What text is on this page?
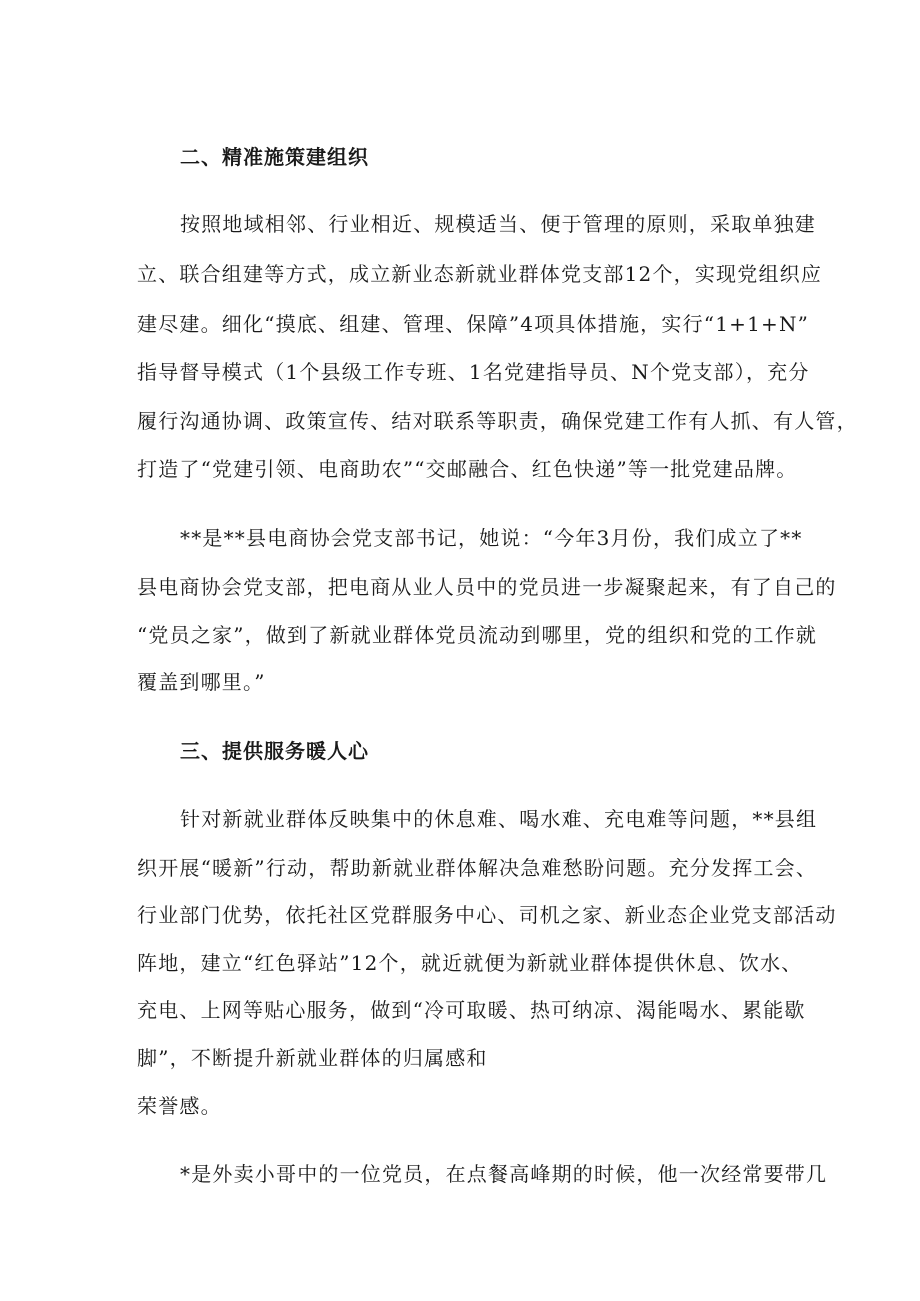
二、精准施策建组织
按照地域相邻、行业相近、规模适当、便于管理的原则，采取单独建
立、联合组建等方式，成立新业态新就业群体党支部12个，实现党组织应
建尽建。细化“摸底、组建、管理、保障”4项具体措施，实行“1+1+N”
指导督导模式（1个县级工作专班、1名党建指导员、N个党支部），充分
履行沟通协调、政策宣传、结对联系等职责，确保党建工作有人抓、有人管，
打造了“党建引领、电商助农”“交邮融合、红色快递”等一批党建品牌。
**是**县电商协会党支部书记，她说：“今年3月份，我们成立了**
县电商协会党支部，把电商从业人员中的党员进一步凝聚起来，有了自己的
“党员之家”，做到了新就业群体党员流动到哪里，党的组织和党的工作就
覆盖到哪里。”
三、提供服务暖人心
针对新就业群体反映集中的休息难、喝水难、充电难等问题，**县组
织开展“暖新”行动，帮助新就业群体解决急难愁盼问题。充分发挥工会、
行业部门优势，依托社区党群服务中心、司机之家、新业态企业党支部活动
阵地，建立“红色驿站”12个，就近就便为新就业群体提供休息、饮水、
充电、上网等贴心服务，做到“冷可取暖、热可纳凉、渴能喝水、累能歇
脚”，不断提升新就业群体的归属感和
荣誉感。
*是外卖小哥中的一位党员，在点餐高峰期的时候，他一次经常要带几
